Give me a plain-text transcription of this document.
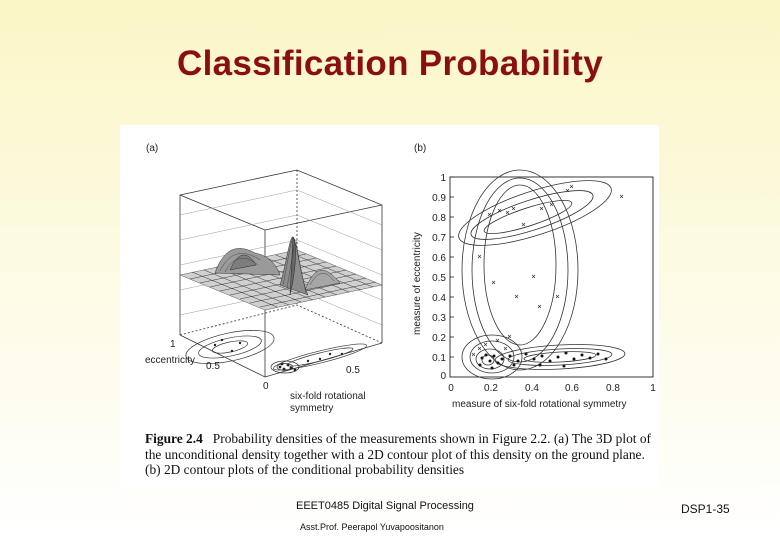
Classification Probability
(a)	(b)
1
eccentricity
0.5
0
0.5
six-fold rotational
symmetry
1
0.9
0.8
0.7
0.6
0.5
0.4
0.3
0.2
0.1
0
0	0.2	0.4	0.6	0.8	1
measure of six-fold rotational symmetry
measure of eccentricity
Figure 2.4 Probability densities of the measurements shown in Figure 2.2. (a) The 3D plot of the unconditional density together with a 2D contour plot of this density on the ground plane. (b) 2D contour plots of the conditional probability densities
EEET0485 Digital Signal Processing
Asst.Prof. Peerapol Yuvapoositanon
DSP1-35
